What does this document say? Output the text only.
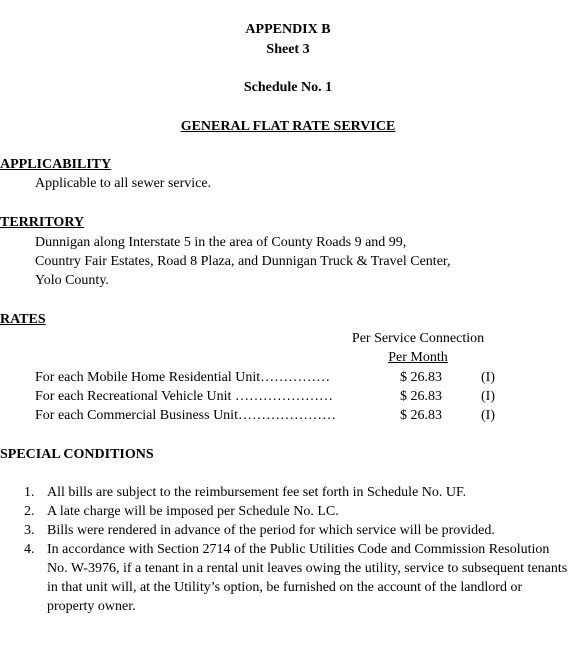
APPENDIX B
Sheet 3
Schedule No. 1
GENERAL FLAT RATE SERVICE
APPLICABILITY
Applicable to all sewer service.
TERRITORY
Dunnigan along Interstate 5 in the area of County Roads 9 and 99,
Country Fair Estates, Road 8 Plaza, and Dunnigan Truck & Travel Center,
Yolo County.
RATES
Per Service Connection
Per Month
For each Mobile Home Residential Unit……………	$ 26.83	(I)
For each Recreational Vehicle Unit …………………	$ 26.83	(I)
For each Commercial Business Unit…………………	$ 26.83	(I)
SPECIAL CONDITIONS
1. All bills are subject to the reimbursement fee set forth in Schedule No. UF.
2. A late charge will be imposed per Schedule No. LC.
3. Bills were rendered in advance of the period for which service will be provided.
4. In accordance with Section 2714 of the Public Utilities Code and Commission Resolution No. W-3976, if a tenant in a rental unit leaves owing the utility, service to subsequent tenants in that unit will, at the Utility’s option, be furnished on the account of the landlord or property owner.
